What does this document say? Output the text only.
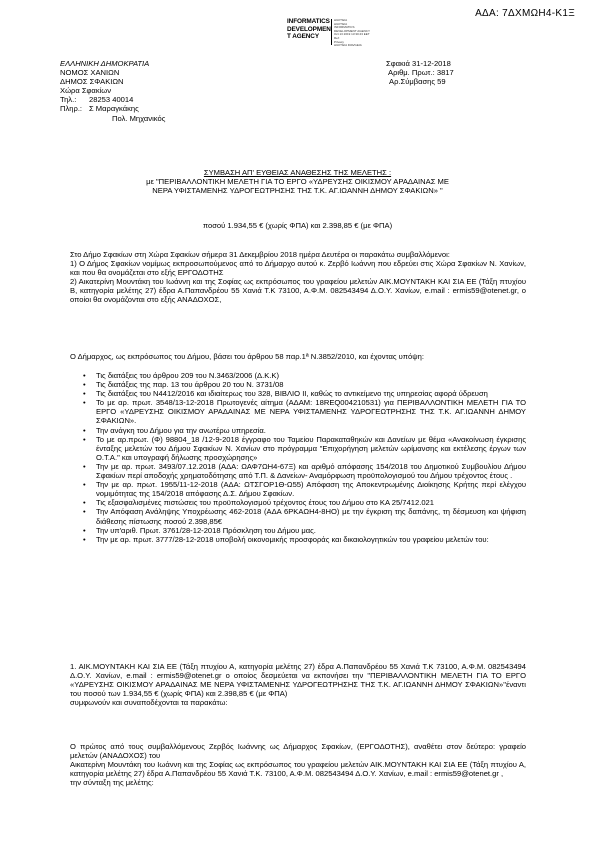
ΑΔΑ: 7ΔΧΜΩΗ4-Κ1Ξ
INFORMATICS
DEVELOPMEN
T AGENCY
ΔΙΑΥΓΕΙΑ
ΔΙΑΥΓΕΙΑ
INFORMATICS
DEVELOPMENT AGENCY
Oct 13 2019 13:30:43 EET
Ref:
Privacy
ΔΙΑΥΓΕΙΑ DIAVGEIA
ΕΛΛΗΝΙΚΗ ΔΗΜΟΚΡΑΤΙΑ
ΝΟΜΟΣ ΧΑΝΙΩΝ
ΔΗΜΟΣ ΣΦΑΚΙΩΝ
Χώρα Σφακίων
Τηλ.:	28253 40014
Πληρ.: Σ Μαραγκάκης
Πολ. Μηχανικός
Σφακιά 31-12-2018
Αριθμ. Πρωτ.: 3817
Αρ.Σύμβασης 59
ΣΥΜΒΑΣΗ ΑΠ' ΕΥΘΕΙΑΣ ΑΝΑΘΕΣΗΣ ΤΗΣ ΜΕΛΕΤΗΣ :
με "ΠΕΡΙΒΑΛΛΟΝΤΙΚΗ ΜΕΛΕΤΗ ΓΙΑ ΤΟ ΕΡΓΟ «ΥΔΡΕΥΣΗΣ ΟΙΚΙΣΜΟΥ ΑΡΑΔΑΙΝΑΣ ΜΕ
ΝΕΡΑ ΥΦΙΣΤΑΜΕΝΗΣ ΥΔΡΟΓΕΩΤΡΗΣΗΣ ΤΗΣ Τ.Κ. ΑΓ.ΙΩΑΝΝΗ ΔΗΜΟΥ ΣΦΑΚΙΩΝ» "
ποσού 1.934,55 € (χωρίς ΦΠΑ) και 2.398,85 € (με ΦΠΑ)

Στο Δήμο Σφακίων στη Χώρα Σφακίων σήμερα 31 Δεκεμβρίου 2018 ημέρα Δευτέρα οι παρακάτω συμβαλλόμενοι:

1) Ο Δήμος Σφακίων νομίμως εκπροσωπούμενος από το Δήμαρχο αυτού κ. Ζερβό Ιωάννη που εδρεύει στις Χώρα Σφακίων Ν. Χανίων, και που θα ονομάζεται στο εξής ΕΡΓΟΔΟΤΗΣ

2) Αικατερίνη Μουντάκη του Ιωάννη και της Σοφίας ως εκπρόσωπος του γραφείου μελετών ΑΙΚ.ΜΟΥΝΤΑΚΗ ΚΑΙ ΣΙΑ ΕΕ (Τάξη πτυχίου Β, κατηγορία μελέτης 27) έδρα Α.Παπανδρέου 55 Χανιά Τ.Κ 73100, Α.Φ.Μ. 082543494 Δ.Ο.Υ. Χανίων, e.mail : ermis59@otenet.gr, ο οποίοι θα ονομάζονται στο εξής ΑΝΑΔΟΧΟΣ,

Ο Δήμαρχος, ως εκπρόσωπος του Δήμου, βάσει του άρθρου 58 παρ.1ª Ν.3852/2010, και έχοντας υπόψη:
• Τις διατάξεις του άρθρου 209 του Ν.3463/2006 (Δ.Κ.Κ)
• Τις διατάξεις της παρ. 13 του άρθρου 20 του Ν. 3731/08
• Τις διατάξεις του Ν4412/2016 και ιδιαίτερως του 328, ΒΙΒΛΙΟ ΙΙ, καθώς το αντικείμενο της υπηρεσίας αφορά ύδρευση
• Το με αρ. πρωτ. 3548/13-12-2018 Πρωτογενές αίτημα (ΑΔΑΜ: 18REQ004210531) για ΠΕΡΙΒΑΛΛΟΝΤΙΚΗ ΜΕΛΕΤΗ ΓΙΑ ΤΟ ΕΡΓΟ «ΥΔΡΕΥΣΗΣ ΟΙΚΙΣΜΟΥ ΑΡΑΔΑΙΝΑΣ ΜΕ ΝΕΡΑ ΥΦΙΣΤΑΜΕΝΗΣ ΥΔΡΟΓΕΩΤΡΗΣΗΣ ΤΗΣ Τ.Κ. ΑΓ.ΙΩΑΝΝΗ ΔΗΜΟΥ ΣΦΑΚΙΩΝ».
• Την ανάγκη του Δήμου για την ανωτέρω υπηρεσία.
• Το με αρ.πρωτ. (Φ) 98804_18 /12-9-2018 έγγραφο του Ταμείου Παρακαταθηκών και Δανείων με θέμα «Ανακοίνωση έγκρισης ένταξης μελετών του Δήμου Σφακίων Ν. Χανίων στο πρόγραμμα "Επιχορήγηση μελετών ωρίμανσης και εκτέλεσης έργων των Ο.Τ.Α." και υπογραφή δήλωσης προσχώρησης»
• Την με αρ. πρωτ. 3493/07.12.2018 (ΑΔΑ: ΩΑΦ7ΩΗ4-67Ξ) και αριθμό απόφασης 154/2018 του Δημοτικού Συμβουλίου Δήμου Σφακίων περί αποδοχής χρηματοδότησης από Τ.Π. & Δανείων- Αναμόρφωση προϋπολογισμού του Δήμου τρέχοντος έτους .
• Την με αρ. πρωτ. 1955/11-12-2018 (ΑΔΑ: ΩΤΣΓΟΡ1Θ-Ω55) Απόφαση της Αποκεντρωμένης Διοίκησης Κρήτης περί ελέγχου νομιμότητας της 154/2018 απόφασης Δ.Σ. Δήμου Σφακίων.
• Τις εξασφαλισμένες πιστώσεις του προϋπολογισμού τρέχοντος έτους του Δήμου στο ΚΑ 25/7412.021
• Την Απόφαση Ανάληψης Υποχρέωσης 462-2018 (ΑΔΑ 6ΡΚΑΩΗ4-8ΗΟ) με την έγκριση της δαπάνης, τη δέσμευση και ψήφιση διάθεσης πίστωσης ποσού 2.398,85€
• Την υπ'αριθ. Πρωτ. 3761/28-12-2018 Πρόσκληση του Δήμου μας.
• Την με αρ. πρωτ. 3777/28-12-2018 υποβολή οικονομικής προσφοράς και δικαιολογητικών του γραφείου μελετών του:

1. ΑΙΚ.ΜΟΥΝΤΑΚΗ ΚΑΙ ΣΙΑ ΕΕ (Τάξη πτυχίου Α, κατηγορία μελέτης 27) έδρα Α.Παπανδρέου 55 Χανιά Τ.Κ 73100, Α.Φ.Μ. 082543494 Δ.Ο.Υ. Χανίων, e.mail : ermis59@otenet.gr ο οποίος δεσμεύεται να εκπονήσει την "ΠΕΡΙΒΑΛΛΟΝΤΙΚΗ ΜΕΛΕΤΗ ΓΙΑ ΤΟ ΕΡΓΟ «ΥΔΡΕΥΣΗΣ ΟΙΚΙΣΜΟΥ ΑΡΑΔΑΙΝΑΣ ΜΕ ΝΕΡΑ ΥΦΙΣΤΑΜΕΝΗΣ ΥΔΡΟΓΕΩΤΡΗΣΗΣ ΤΗΣ Τ.Κ. ΑΓ.ΙΩΑΝΝΗ ΔΗΜΟΥ ΣΦΑΚΙΩΝ»"έναντι του ποσού των 1.934,55 € (χωρίς ΦΠΑ) και 2.398,85 € (με ΦΠΑ)

συμφωνούν και συναποδέχονται τα παρακάτω:

Ο πρώτος από τους συμβαλλόμενους Ζερβός Ιωάννης ως Δήμαρχος Σφακίων, (ΕΡΓΟΔΟΤΗΣ), αναθέτει στον δεύτερο: γραφείο μελετών (ΑΝΑΔΟΧΟΣ) του

Αικατερίνη Μουντάκη του Ιωάννη και της Σοφίας ως εκπρόσωπος του γραφείου μελετών ΑΙΚ.ΜΟΥΝΤΑΚΗ ΚΑΙ ΣΙΑ ΕΕ (Τάξη πτυχίου Α, κατηγορία μελέτης 27) έδρα Α.Παπανδρέου 55 Χανιά Τ.Κ. 73100, Α.Φ.Μ. 082543494 Δ.Ο.Υ. Χανίων, e.mail : ermis59@otenet.gr ,

την σύνταξη της μελέτης:
